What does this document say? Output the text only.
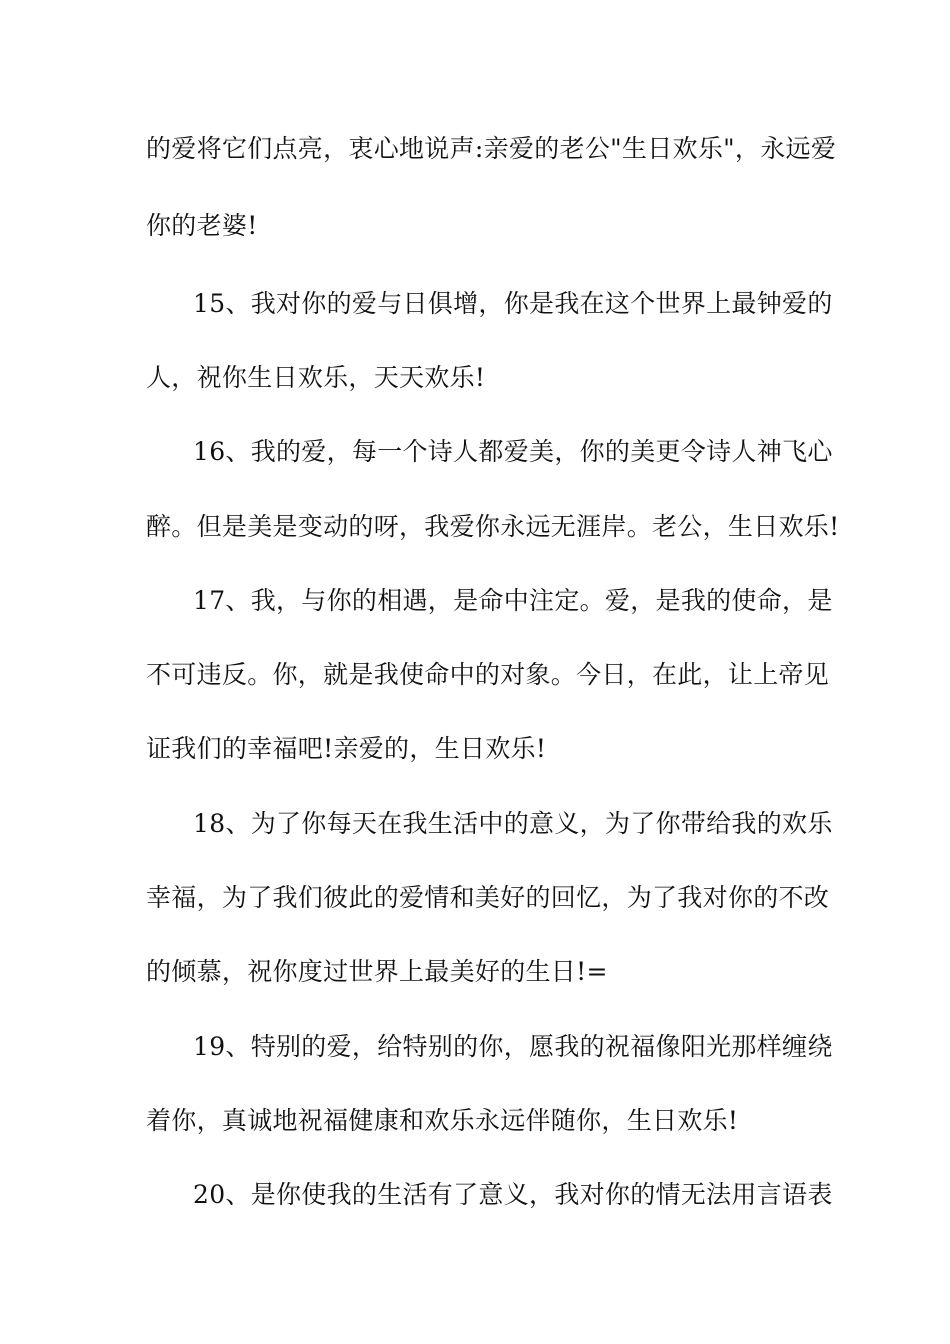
的爱将它们点亮，衷心地说声:亲爱的老公"生日欢乐"，永远爱
你的老婆!
15、我对你的爱与日俱增，你是我在这个世界上最钟爱的
人，祝你生日欢乐，天天欢乐!
16、我的爱，每一个诗人都爱美，你的美更令诗人神飞心
醉。但是美是变动的呀，我爱你永远无涯岸。老公，生日欢乐!
17、我，与你的相遇，是命中注定。爱，是我的使命，是
不可违反。你，就是我使命中的对象。今日，在此，让上帝见
证我们的幸福吧!亲爱的，生日欢乐!
18、为了你每天在我生活中的意义，为了你带给我的欢乐
幸福，为了我们彼此的爱情和美好的回忆，为了我对你的不改
的倾慕，祝你度过世界上最美好的生日!=
19、特别的爱，给特别的你，愿我的祝福像阳光那样缠绕
着你，真诚地祝福健康和欢乐永远伴随你，生日欢乐!
20、是你使我的生活有了意义，我对你的情无法用言语表
